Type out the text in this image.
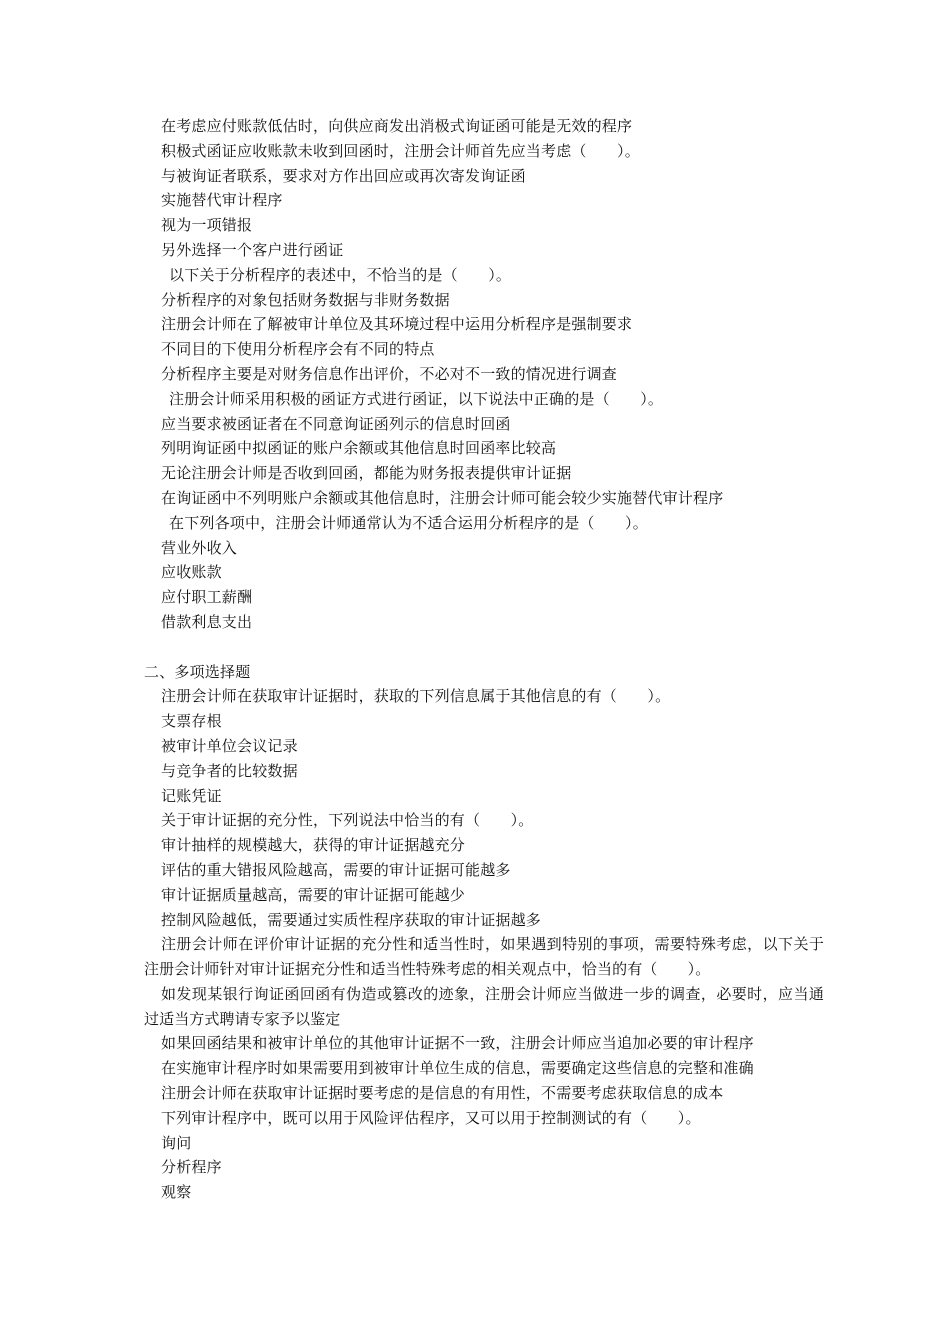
在考虑应付账款低估时，向供应商发出消极式询证函可能是无效的程序
积极式函证应收账款未收到回函时，注册会计师首先应当考虑（　　）。
与被询证者联系，要求对方作出回应或再次寄发询证函
实施替代审计程序
视为一项错报
另外选择一个客户进行函证
以下关于分析程序的表述中，不恰当的是（　　）。
分析程序的对象包括财务数据与非财务数据
注册会计师在了解被审计单位及其环境过程中运用分析程序是强制要求
不同目的下使用分析程序会有不同的特点
分析程序主要是对财务信息作出评价，不必对不一致的情况进行调查
注册会计师采用积极的函证方式进行函证，以下说法中正确的是（　　）。
应当要求被函证者在不同意询证函列示的信息时回函
列明询证函中拟函证的账户余额或其他信息时回函率比较高
无论注册会计师是否收到回函，都能为财务报表提供审计证据
在询证函中不列明账户余额或其他信息时，注册会计师可能会较少实施替代审计程序
在下列各项中，注册会计师通常认为不适合运用分析程序的是（　　）。
营业外收入
应收账款
应付职工薪酬
借款利息支出
二、多项选择题
注册会计师在获取审计证据时，获取的下列信息属于其他信息的有（　　）。
支票存根
被审计单位会议记录
与竞争者的比较数据
记账凭证
关于审计证据的充分性，下列说法中恰当的有（　　）。
审计抽样的规模越大，获得的审计证据越充分
评估的重大错报风险越高，需要的审计证据可能越多
审计证据质量越高，需要的审计证据可能越少
控制风险越低，需要通过实质性程序获取的审计证据越多
注册会计师在评价审计证据的充分性和适当性时，如果遇到特别的事项，需要特殊考虑，以下关于注册会计师针对审计证据充分性和适当性特殊考虑的相关观点中，恰当的有（　　）。
如发现某银行询证函回函有伪造或篡改的迹象，注册会计师应当做进一步的调查，必要时，应当通过适当方式聘请专家予以鉴定
如果回函结果和被审计单位的其他审计证据不一致，注册会计师应当追加必要的审计程序
在实施审计程序时如果需要用到被审计单位生成的信息，需要确定这些信息的完整和准确
注册会计师在获取审计证据时要考虑的是信息的有用性，不需要考虑获取信息的成本
下列审计程序中，既可以用于风险评估程序，又可以用于控制测试的有（　　）。
询问
分析程序
观察
